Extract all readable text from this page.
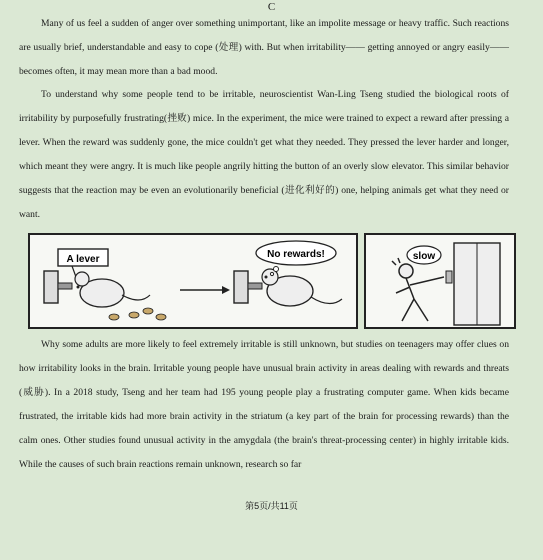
C

Many of us feel a sudden of anger over something unimportant, like an impolite message or heavy traffic. Such reactions are usually brief, understandable and easy to cope (处理) with. But when irritability—— getting annoyed or angry easily—— becomes often, it may mean more than a bad mood.

To understand why some people tend to be irritable, neuroscientist Wan-Ling Tseng studied the biological roots of irritability by purposefully frustrating(挫败) mice. In the experiment, the mice were trained to expect a reward after pressing a lever. When the reward was suddenly gone, the mice couldn't get what they needed. They pressed the lever harder and longer, which meant they were angry. It is much like people angrily hitting the button of an overly slow elevator. This similar behavior suggests that the reaction may be even an evolutionarily beneficial (进化利好的) one, helping animals get what they need or want.

A lever	No rewards!	slow

Why some adults are more likely to feel extremely irritable is still unknown, but studies on teenagers may offer clues on how irritability looks in the brain. Irritable young people have unusual brain activity in areas dealing with rewards and threats (威胁). In a 2018 study, Tseng and her team had 195 young people play a frustrating computer game. When kids became frustrated, the irritable kids had more brain activity in the striatum (a key part of the brain for processing rewards) than the calm ones. Other studies found unusual activity in the amygdala (the brain's threat-processing center) in highly irritable kids. While the causes of such brain reactions remain unknown, research so far

第5页/共11页
